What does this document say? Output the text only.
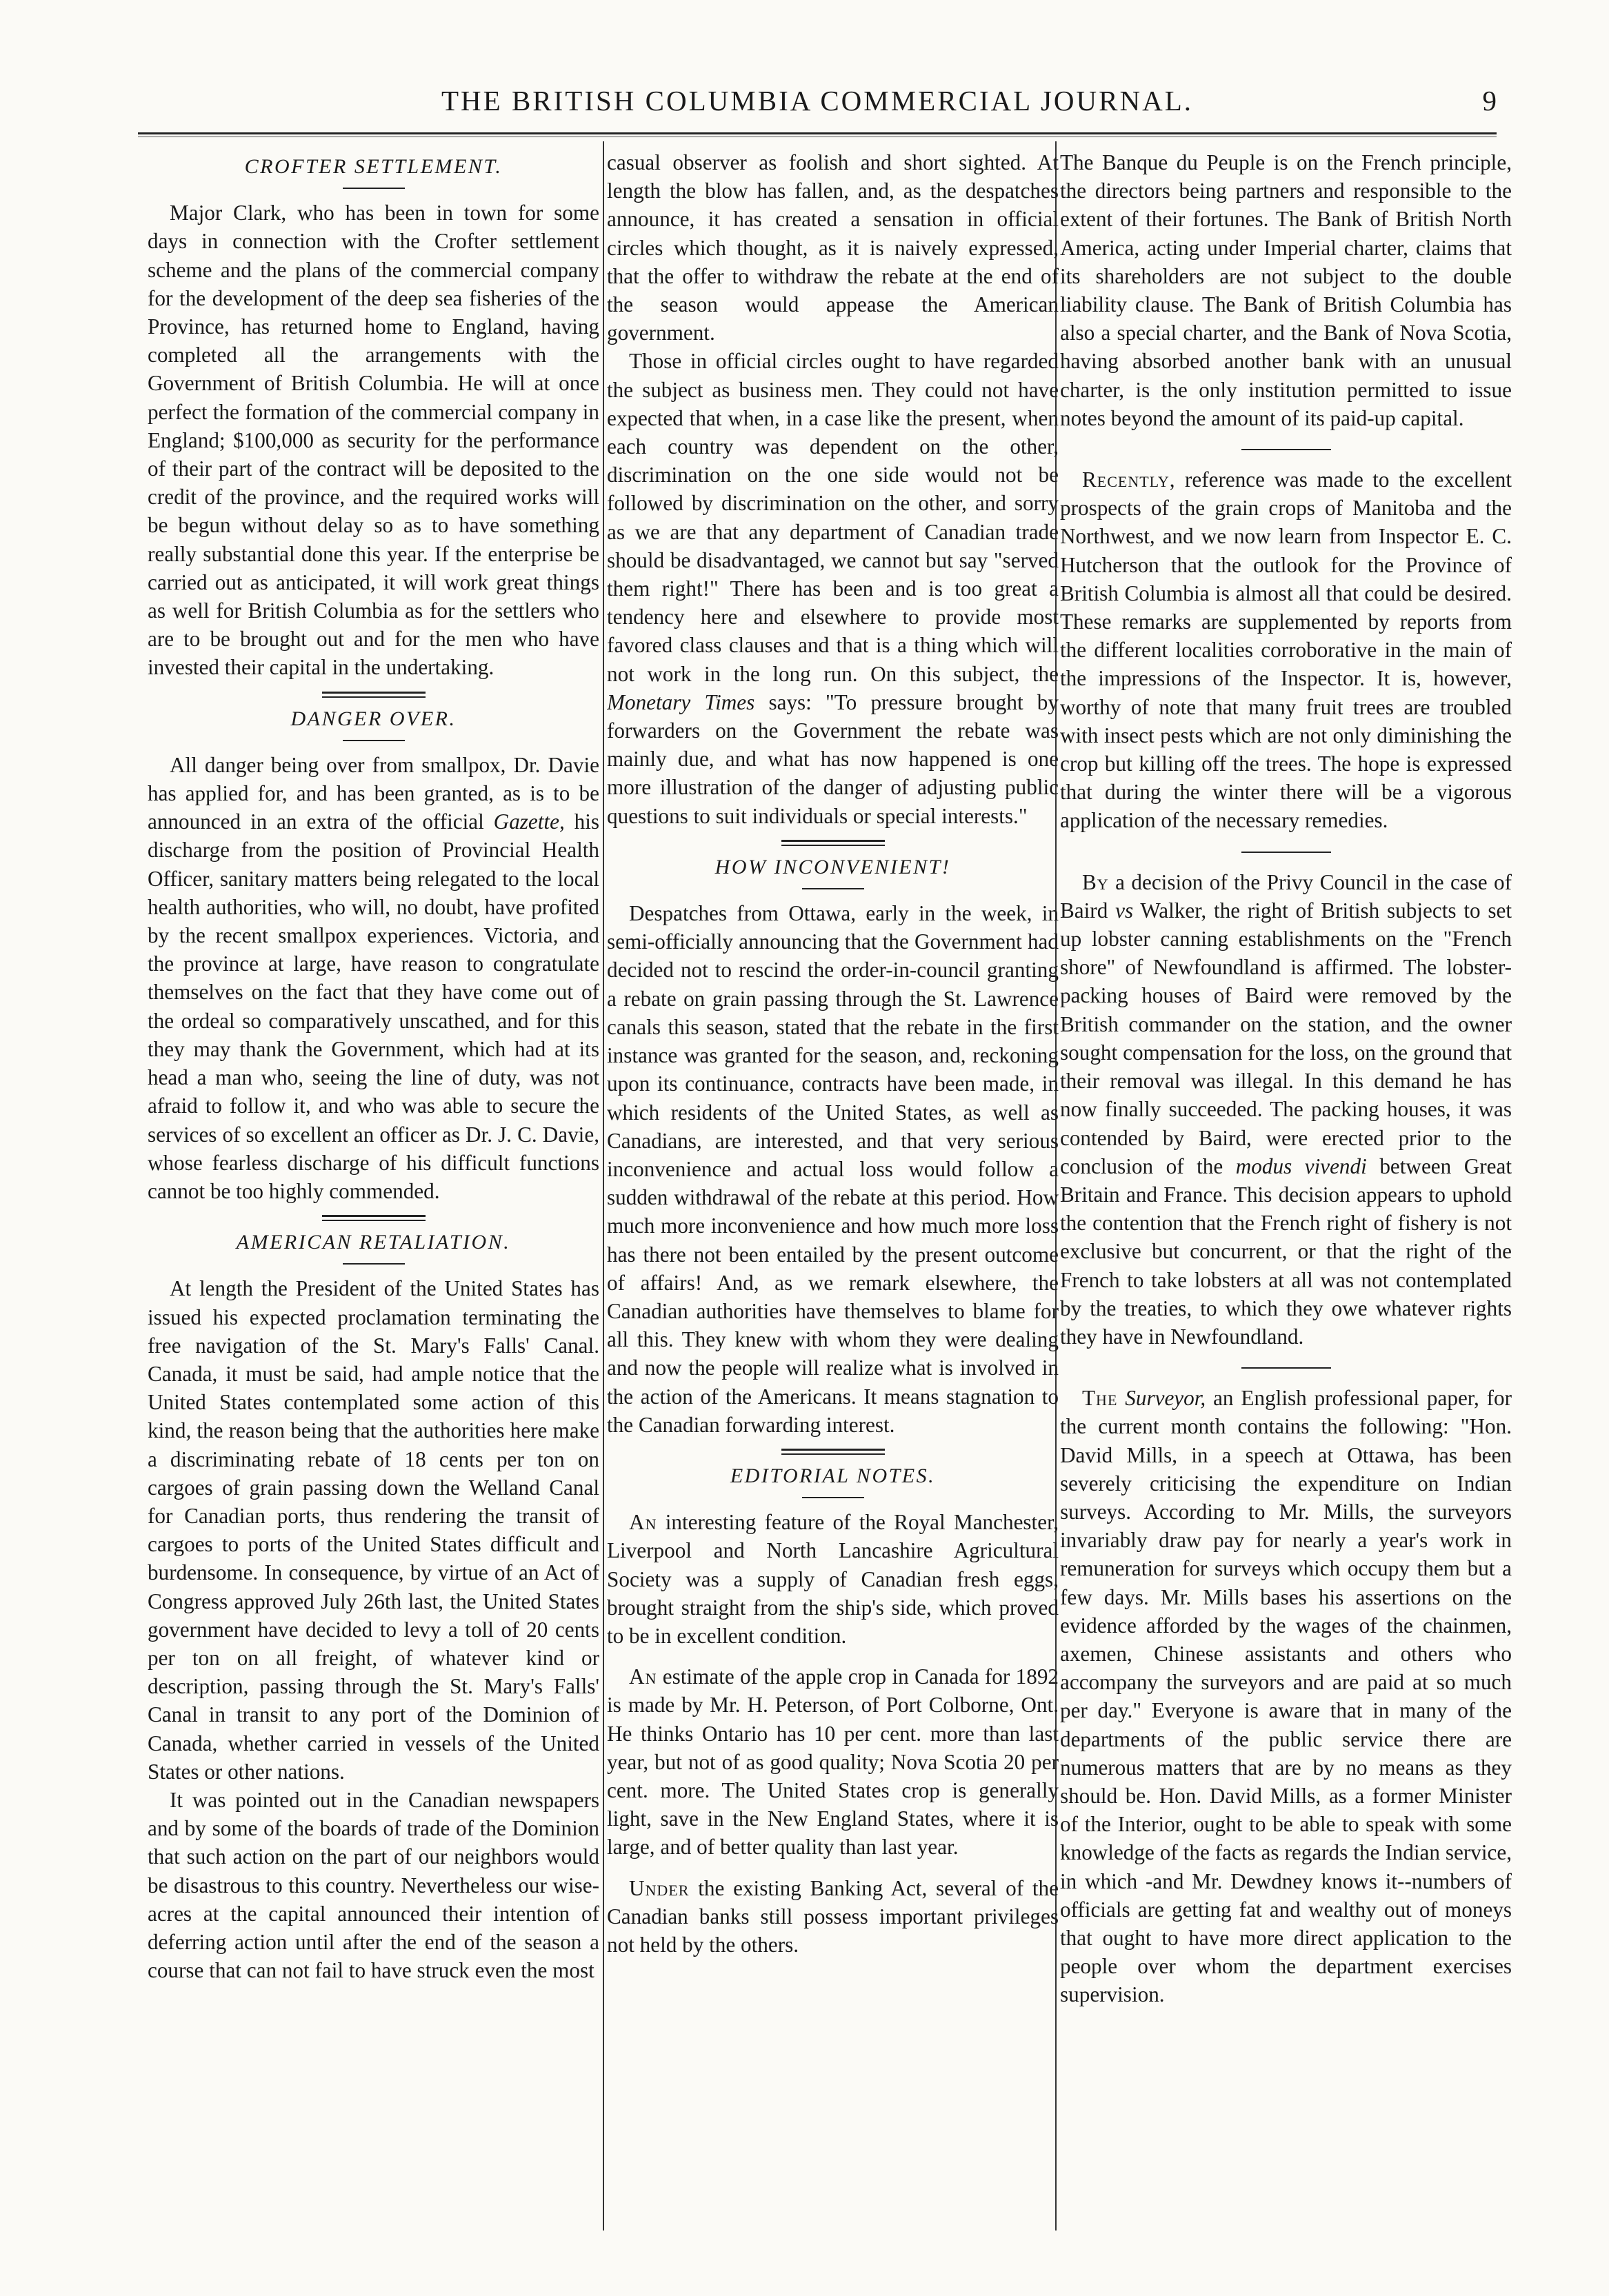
THE BRITISH COLUMBIA COMMERCIAL JOURNAL.	9
CROFTER SETTLEMENT.

Major Clark, who has been in town for some days in connection with the Crofter settlement scheme and the plans of the commercial company for the development of the deep sea fisheries of the Province, has returned home to England, having completed all the arrangements with the Government of British Columbia. He will at once perfect the formation of the commercial company in England; $100,000 as security for the performance of their part of the contract will be deposited to the credit of the province, and the required works will be begun without delay so as to have something really substantial done this year. If the enterprise be carried out as anticipated, it will work great things as well for British Columbia as for the settlers who are to be brought out and for the men who have invested their capital in the undertaking.

DANGER OVER.

All danger being over from smallpox, Dr. Davie has applied for, and has been granted, as is to be announced in an extra of the official Gazette, his discharge from the position of Provincial Health Officer, sanitary matters being relegated to the local health authorities, who will, no doubt, have profited by the recent smallpox experiences. Victoria, and the province at large, have reason to congratulate themselves on the fact that they have come out of the ordeal so comparatively unscathed, and for this they may thank the Government, which had at its head a man who, seeing the line of duty, was not afraid to follow it, and who was able to secure the services of so excellent an officer as Dr. J. C. Davie, whose fearless discharge of his difficult functions cannot be too highly commended.

AMERICAN RETALIATION.

At length the President of the United States has issued his expected proclamation terminating the free navigation of the St. Mary's Falls' Canal. Canada, it must be said, had ample notice that the United States contemplated some action of this kind, the reason being that the authorities here make a discriminating rebate of 18 cents per ton on cargoes of grain passing down the Welland Canal for Canadian ports, thus rendering the transit of cargoes to ports of the United States difficult and burdensome. In consequence, by virtue of an Act of Congress approved July 26th last, the United States government have decided to levy a toll of 20 cents per ton on all freight, of whatever kind or description, passing through the St. Mary's Falls' Canal in transit to any port of the Dominion of Canada, whether carried in vessels of the United States or other nations.

It was pointed out in the Canadian newspapers and by some of the boards of trade of the Dominion that such action on the part of our neighbors would be disastrous to this country. Nevertheless our wise-acres at the capital announced their intention of deferring action until after the end of the season a course that can not fail to have struck even the most

casual observer as foolish and short sighted. At length the blow has fallen, and, as the despatches announce, it has created a sensation in official circles which thought, as it is naively expressed, that the offer to withdraw the rebate at the end of the season would appease the American government.

Those in official circles ought to have regarded the subject as business men. They could not have expected that when, in a case like the present, when each country was dependent on the other, discrimination on the one side would not be followed by discrimination on the other, and sorry as we are that any department of Canadian trade should be disadvantaged, we cannot but say "served them right!" There has been and is too great a tendency here and elsewhere to provide most favored class clauses and that is a thing which will not work in the long run. On this subject, the Monetary Times says: "To pressure brought by forwarders on the Government the rebate was mainly due, and what has now happened is one more illustration of the danger of adjusting public questions to suit individuals or special interests."

HOW INCONVENIENT!

Despatches from Ottawa, early in the week, in semi-officially announcing that the Government had decided not to rescind the order-in-council granting a rebate on grain passing through the St. Lawrence canals this season, stated that the rebate in the first instance was granted for the season, and, reckoning upon its continuance, contracts have been made, in which residents of the United States, as well as Canadians, are interested, and that very serious inconvenience and actual loss would follow a sudden withdrawal of the rebate at this period. How much more inconvenience and how much more loss has there not been entailed by the present outcome of affairs! And, as we remark elsewhere, the Canadian authorities have themselves to blame for all this. They knew with whom they were dealing and now the people will realize what is involved in the action of the Americans. It means stagnation to the Canadian forwarding interest.

EDITORIAL NOTES.

An interesting feature of the Royal Manchester, Liverpool and North Lancashire Agricultural Society was a supply of Canadian fresh eggs, brought straight from the ship's side, which proved to be in excellent condition.

An estimate of the apple crop in Canada for 1892 is made by Mr. H. Peterson, of Port Colborne, Ont. He thinks Ontario has 10 per cent. more than last year, but not of as good quality; Nova Scotia 20 per cent. more. The United States crop is generally light, save in the New England States, where it is large, and of better quality than last year.

Under the existing Banking Act, several of the Canadian banks still possess important privileges not held by the others.

The Banque du Peuple is on the French principle, the directors being partners and responsible to the extent of their fortunes. The Bank of British North America, acting under Imperial charter, claims that its shareholders are not subject to the double liability clause. The Bank of British Columbia has also a special charter, and the Bank of Nova Scotia, having absorbed another bank with an unusual charter, is the only institution permitted to issue notes beyond the amount of its paid-up capital.

Recently, reference was made to the excellent prospects of the grain crops of Manitoba and the Northwest, and we now learn from Inspector E. C. Hutcherson that the outlook for the Province of British Columbia is almost all that could be desired. These remarks are supplemented by reports from the different localities corroborative in the main of the impressions of the Inspector. It is, however, worthy of note that many fruit trees are troubled with insect pests which are not only diminishing the crop but killing off the trees. The hope is expressed that during the winter there will be a vigorous application of the necessary remedies.

By a decision of the Privy Council in the case of Baird vs Walker, the right of British subjects to set up lobster canning establishments on the "French shore" of Newfoundland is affirmed. The lobster-packing houses of Baird were removed by the British commander on the station, and the owner sought compensation for the loss, on the ground that their removal was illegal. In this demand he has now finally succeeded. The packing houses, it was contended by Baird, were erected prior to the conclusion of the modus vivendi between Great Britain and France. This decision appears to uphold the contention that the French right of fishery is not exclusive but concurrent, or that the right of the French to take lobsters at all was not contemplated by the treaties, to which they owe whatever rights they have in Newfoundland.

The Surveyor, an English professional paper, for the current month contains the following: "Hon. David Mills, in a speech at Ottawa, has been severely criticising the expenditure on Indian surveys. According to Mr. Mills, the surveyors invariably draw pay for nearly a year's work in remuneration for surveys which occupy them but a few days. Mr. Mills bases his assertions on the evidence afforded by the wages of the chainmen, axemen, Chinese assistants and others who accompany the surveyors and are paid at so much per day." Everyone is aware that in many of the departments of the public service there are numerous matters that are by no means as they should be. Hon. David Mills, as a former Minister of the Interior, ought to be able to speak with some knowledge of the facts as regards the Indian service, in which -and Mr. Dewdney knows it--numbers of officials are getting fat and wealthy out of moneys that ought to have more direct application to the people over whom the department exercises supervision.
